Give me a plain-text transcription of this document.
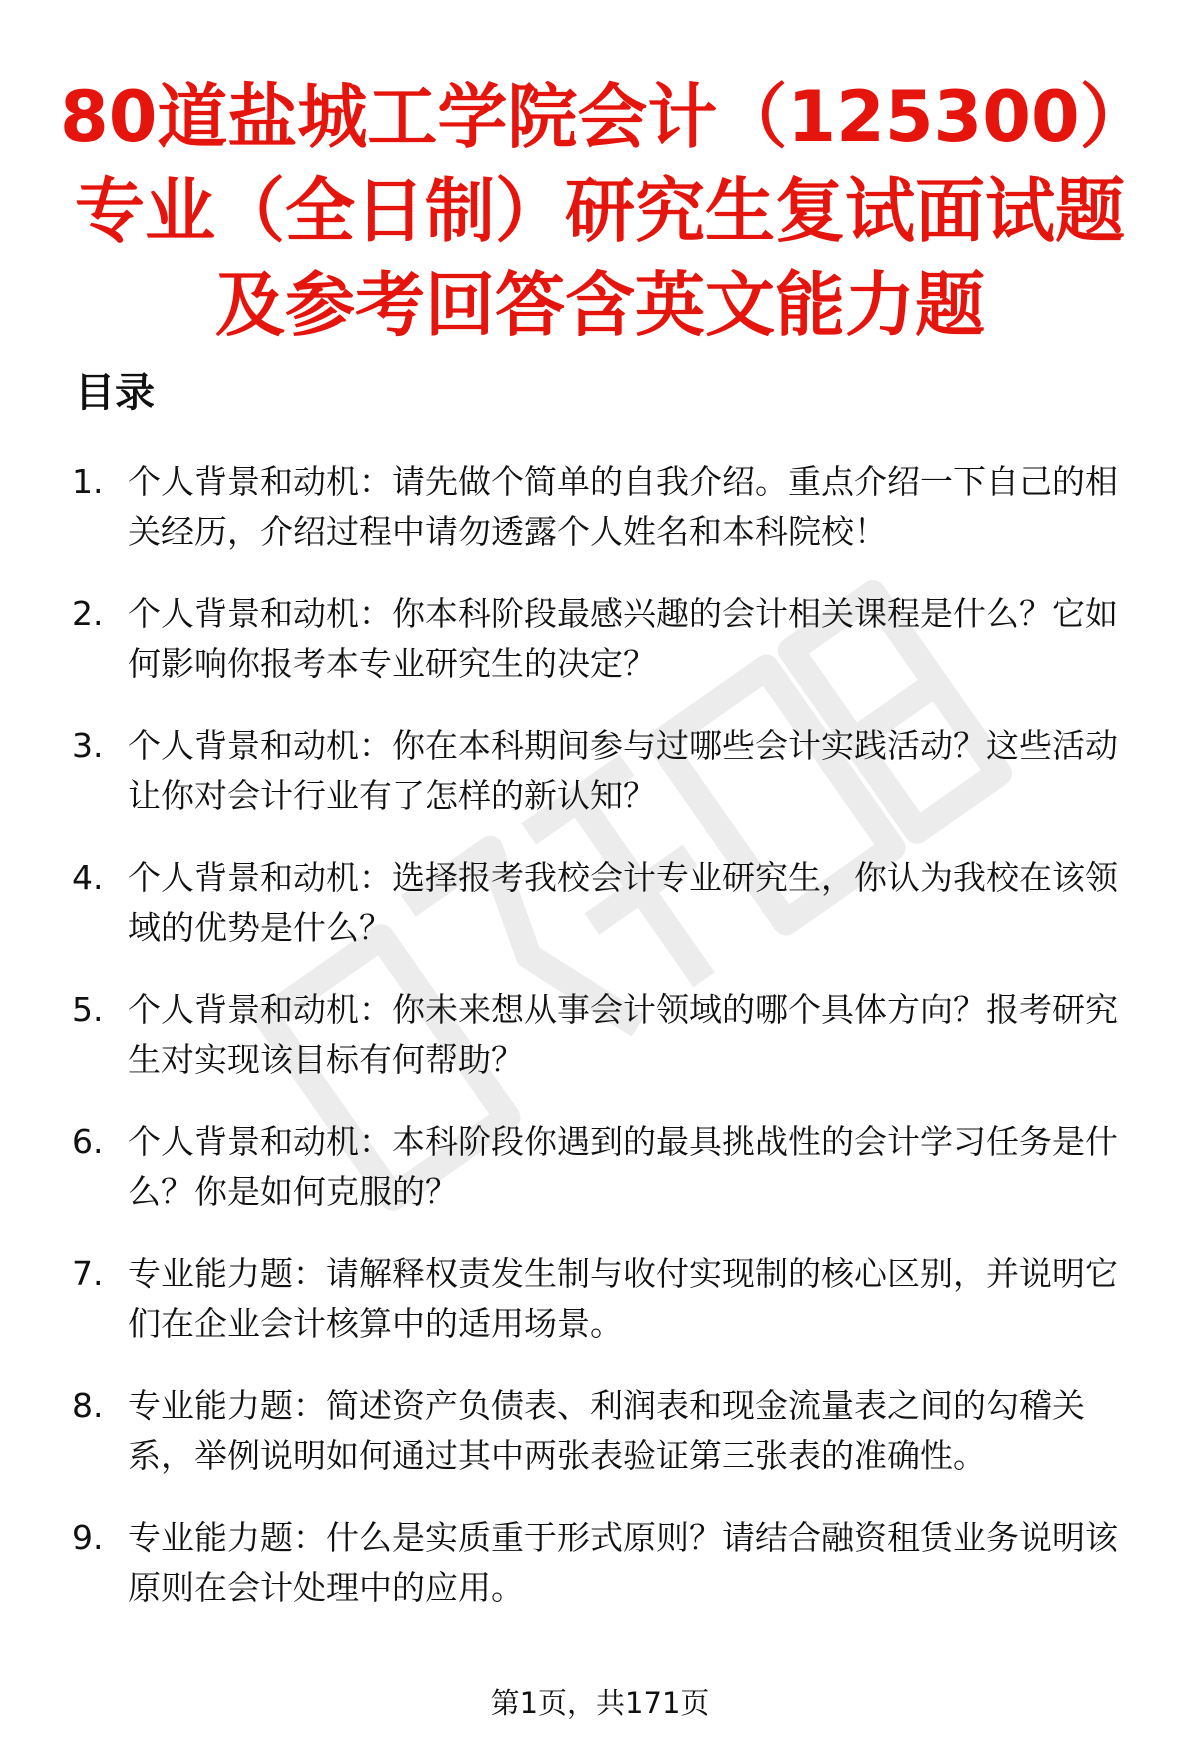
80道盐城工学院会计（125300）
专业（全日制）研究生复试面试题
及参考回答含英文能力题
目录
1. 个人背景和动机：请先做个简单的自我介绍。重点介绍一下自己的相关经历，介绍过程中请勿透露个人姓名和本科院校！
2. 个人背景和动机：你本科阶段最感兴趣的会计相关课程是什么？它如何影响你报考本专业研究生的决定？
3. 个人背景和动机：你在本科期间参与过哪些会计实践活动？这些活动让你对会计行业有了怎样的新认知？
4. 个人背景和动机：选择报考我校会计专业研究生，你认为我校在该领域的优势是什么？
5. 个人背景和动机：你未来想从事会计领域的哪个具体方向？报考研究生对实现该目标有何帮助？
6. 个人背景和动机：本科阶段你遇到的最具挑战性的会计学习任务是什么？你是如何克服的？
7. 专业能力题：请解释权责发生制与收付实现制的核心区别，并说明它们在企业会计核算中的适用场景。
8. 专业能力题：简述资产负债表、利润表和现金流量表之间的勾稽关系，举例说明如何通过其中两张表验证第三张表的准确性。
9. 专业能力题：什么是实质重于形式原则？请结合融资租赁业务说明该原则在会计处理中的应用。
第1页，共171页
